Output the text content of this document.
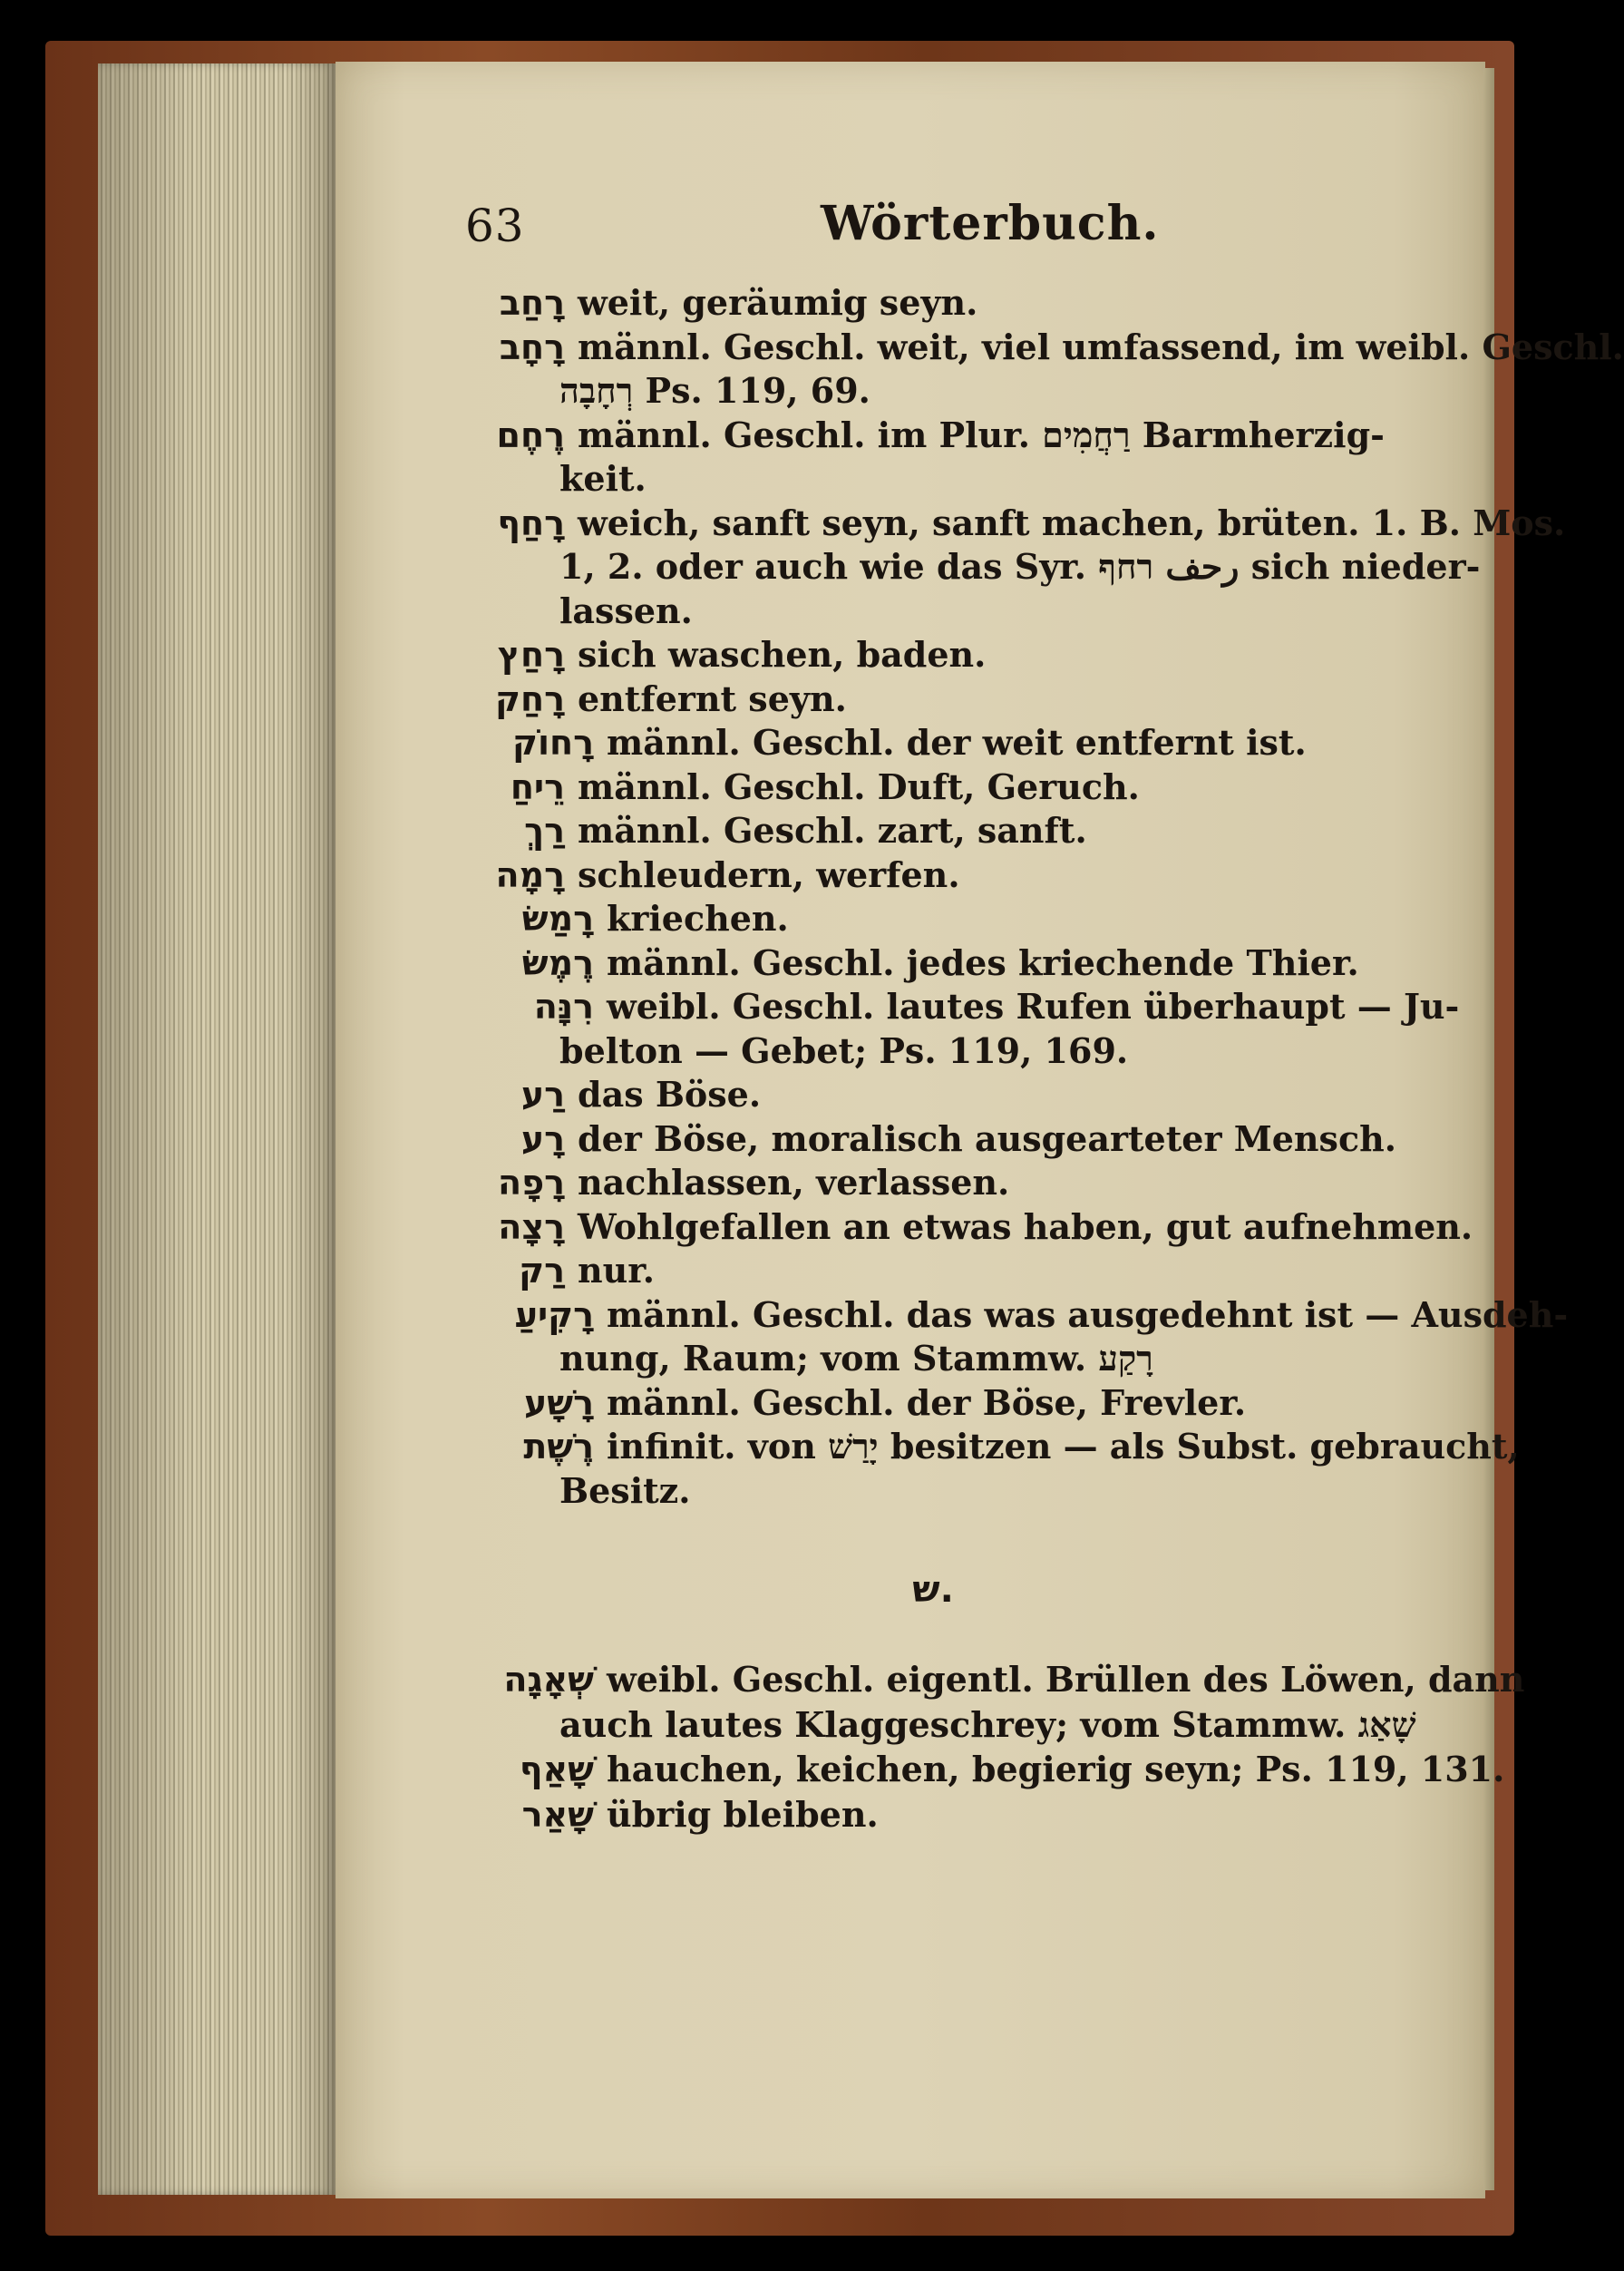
63	Wörterbuch.
רָחַב weit, geräumig seyn.
רָחָב männl. Geschl. weit, viel umfassend, im weibl. Geschl.
רְחָבָה Ps. 119, 69.
רֶחֶם männl. Geschl. im Plur. רַחֲמִים Barmherzig-
keit.
רָחַף weich, sanft seyn, sanft machen, brüten. 1. B. Mos.
1, 2. oder auch wie das Syr. رحف רחף sich nieder-
lassen.
רָחַץ sich waschen, baden.
רָחַק entfernt seyn.
רָחוֹק männl. Geschl. der weit entfernt ist.
רֵיחַ männl. Geschl. Duft, Geruch.
רַךְ männl. Geschl. zart, sanft.
רָמָה schleudern, werfen.
רָמַשׂ kriechen.
רֶמֶשׂ männl. Geschl. jedes kriechende Thier.
רִנָּה weibl. Geschl. lautes Rufen überhaupt — Ju-
belton — Gebet; Ps. 119, 169.
רַע das Böse.
רָע der Böse, moralisch ausgearteter Mensch.
רָפָה nachlassen, verlassen.
רָצָה Wohlgefallen an etwas haben, gut aufnehmen.
רַק nur.
רָקִיעַ männl. Geschl. das was ausgedehnt ist — Ausdeh-
nung, Raum; vom Stammw. רָקַע
רָשָׁע männl. Geschl. der Böse, Frevler.
רֶשֶׁת infinit. von יָרַשׁ besitzen — als Subst. gebraucht,
Besitz.
ש.
שְׁאָגָה weibl. Geschl. eigentl. Brüllen des Löwen, dann
auch lautes Klaggeschrey; vom Stammw. שָׁאַג
שָׁאַף hauchen, keichen, begierig seyn; Ps. 119, 131.
שָׁאַר übrig bleiben.
